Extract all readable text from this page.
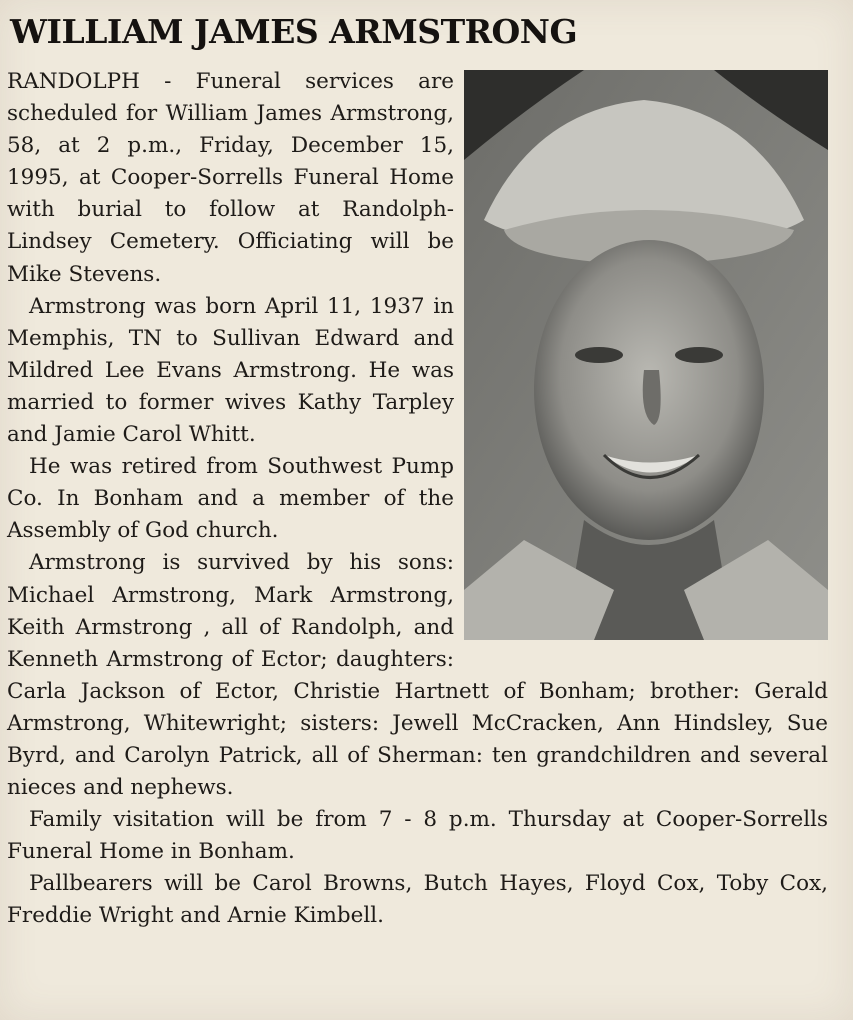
WILLIAM JAMES ARMSTRONG

RANDOLPH - Funeral services are scheduled for William James Armstrong, 58, at 2 p.m., Friday, December 15, 1995, at Cooper-Sorrells Funeral Home with burial to follow at Randolph-Lindsey Cemetery. Officiating will be Mike Stevens.

Armstrong was born April 11, 1937 in Memphis, TN to Sullivan Edward and Mildred Lee Evans Armstrong. He was married to former wives Kathy Tarpley and Jamie Carol Whitt.

He was retired from Southwest Pump Co. In Bonham and a member of the Assembly of God church.

Armstrong is survived by his sons: Michael Armstrong, Mark Armstrong, Keith Armstrong , all of Randolph, and Kenneth Armstrong of Ector; daughters: Carla Jackson of Ector, Christie Hartnett of Bonham; brother: Gerald Armstrong, Whitewright; sisters: Jewell McCracken, Ann Hindsley, Sue Byrd, and Carolyn Patrick, all of Sherman: ten grandchildren and several nieces and nephews.

Family visitation will be from 7 - 8 p.m. Thursday at Cooper-Sorrells Funeral Home in Bonham.

Pallbearers will be Carol Browns, Butch Hayes, Floyd Cox, Toby Cox, Freddie Wright and Arnie Kimbell.
